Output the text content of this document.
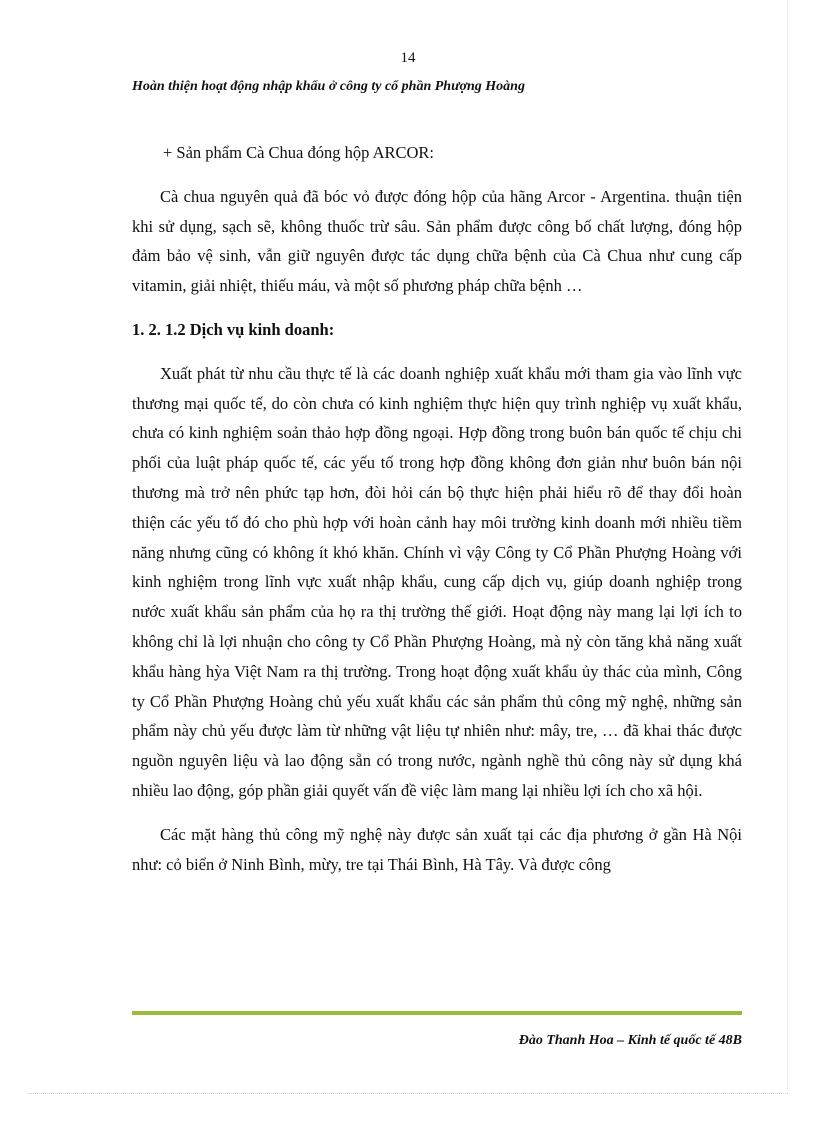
14
Hoàn thiện hoạt động nhập khẩu ở công ty cổ phần Phượng Hoàng

+ Sản phẩm Cà Chua đóng hộp ARCOR:

Cà chua nguyên quả đã bóc vỏ được đóng hộp của hãng Arcor - Argentina. thuận tiện khi sử dụng, sạch sẽ, không thuốc trừ sâu. Sản phẩm được công bố chất lượng, đóng hộp đảm bảo vệ sinh, vẫn giữ nguyên được tác dụng chữa bệnh của Cà Chua như cung cấp vitamin, giải nhiệt, thiếu máu, và một số phương pháp chữa bệnh …

1. 2. 1.2 Dịch vụ kinh doanh:

Xuất phát từ nhu cầu thực tế là các doanh nghiệp xuất khẩu mới tham gia vào lĩnh vực thương mại quốc tế, do còn chưa có kinh nghiệm thực hiện quy trình nghiệp vụ xuất khẩu, chưa có kinh nghiệm soản thảo hợp đồng ngoại. Hợp đồng trong buôn bán quốc tế chịu chi phối của luật pháp quốc tế, các yếu tố trong hợp đồng không đơn giản như buôn bán nội thương mà trở nên phức tạp hơn, đòi hỏi cán bộ thực hiện phải hiểu rõ để thay đổi hoàn thiện các yếu tố đó cho phù hợp với hoàn cảnh hay môi trường kinh doanh mới nhiều tiềm năng nhưng cũng có không ít khó khăn. Chính vì vậy Công ty Cổ Phần Phượng Hoàng với kinh nghiệm trong lĩnh vực xuất nhập khẩu, cung cấp dịch vụ, giúp doanh nghiệp trong nước xuất khẩu sản phẩm của họ ra thị trường thế giới. Hoạt động này mang lại lợi ích to không chỉ là lợi nhuận cho công ty Cổ Phần Phượng Hoàng, mà nỳ còn tăng khả năng xuất khẩu hàng hỳa Việt Nam ra thị trường. Trong hoạt động xuất khẩu ủy thác của mình, Công ty Cổ Phần Phượng Hoàng chủ yếu xuất khẩu các sản phẩm thủ công mỹ nghệ, những sản phẩm này chủ yếu được làm từ những vật liệu tự nhiên như: mây, tre, … đã khai thác được nguồn nguyên liệu và lao động sẵn có trong nước, ngành nghề thủ công này sử dụng khá nhiều lao động, góp phần giải quyết vấn đề việc làm mang lại nhiều lợi ích cho xã hội.

Các mặt hàng thủ công mỹ nghệ này được sản xuất tại các địa phương ở gần Hà Nội như: cỏ biển ở Ninh Bình, mừy, tre tại Thái Bình, Hà Tây. Và được công

Đào Thanh Hoa – Kinh tế quốc tế 48B
